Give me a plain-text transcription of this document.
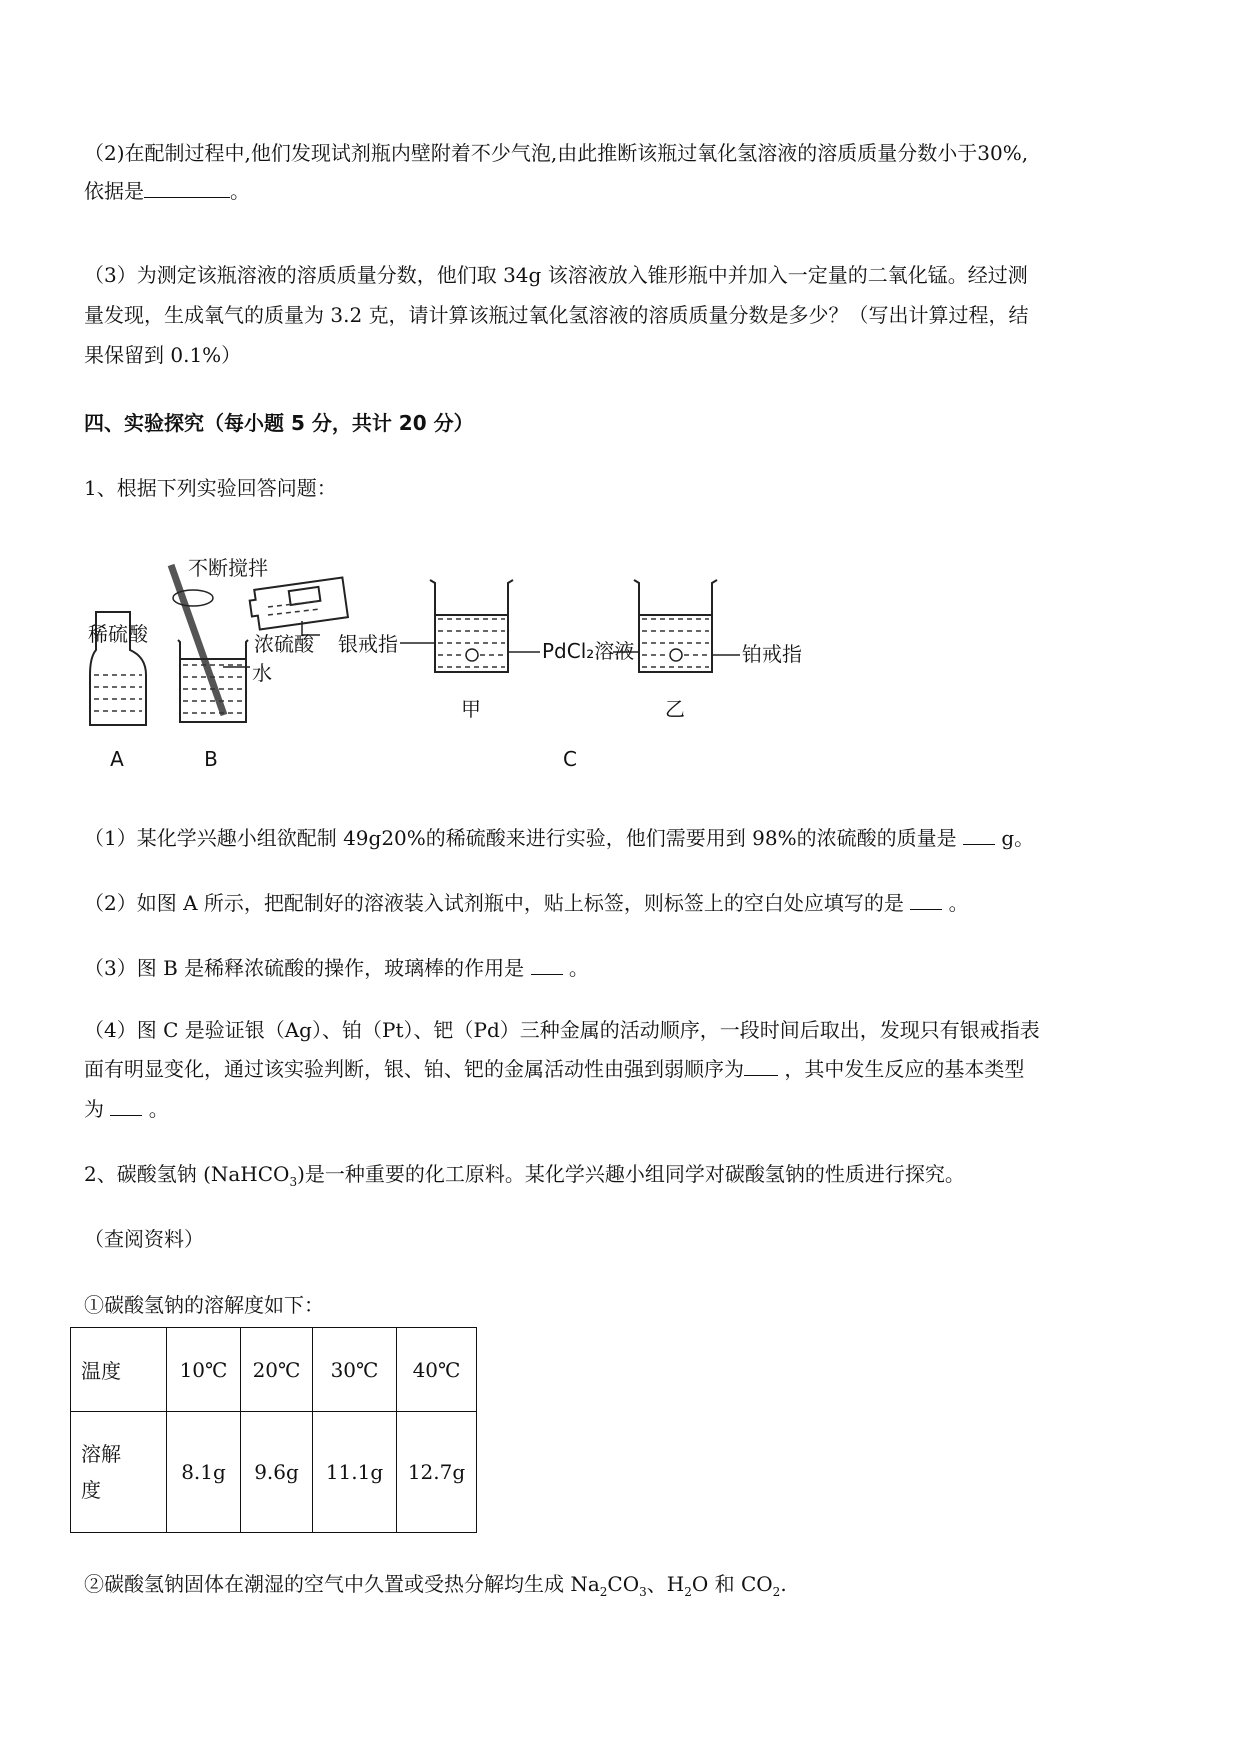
（2)在配制过程中,他们发现试剂瓶内壁附着不少气泡,由此推断该瓶过氧化氢溶液的溶质质量分数小于30%,
依据是	。
（3）为测定该瓶溶液的溶质质量分数，他们取 34g 该溶液放入锥形瓶中并加入一定量的二氧化锰。经过测
量发现，生成氧气的质量为 3.2 克，请计算该瓶过氧化氢溶液的溶质质量分数是多少？（写出计算过程，结
果保留到 0.1%）
四、实验探究（每小题 5 分，共计 20 分）
1、根据下列实验回答问题：
稀硫酸
不断搅拌
水
浓硫酸 银戒指	PdCl₂溶液	铂戒指
甲	乙
A	B	C
（1）某化学兴趣小组欲配制 49g20%的稀硫酸来进行实验，他们需要用到 98%的浓硫酸的质量是 g。
（2）如图 A 所示，把配制好的溶液装入试剂瓶中，贴上标签，则标签上的空白处应填写的是 。
（3）图 B 是稀释浓硫酸的操作，玻璃棒的作用是 。
（4）图 C 是验证银（Ag）、铂（Pt）、钯（Pd）三种金属的活动顺序，一段时间后取出，发现只有银戒指表
面有明显变化，通过该实验判断，银、铂、钯的金属活动性由强到弱顺序为 ，其中发生反应的基本类型
为 。
2、碳酸氢钠 (NaHCO$_3$)是一种重要的化工原料。某化学兴趣小组同学对碳酸氢钠的性质进行探究。
（查阅资料）
①碳酸氢钠的溶解度如下：
温度	10℃	20℃	30℃	40℃
溶解
度	8.1g	9.6g	11.1g	12.7g
②碳酸氢钠固体在潮湿的空气中久置或受热分解均生成 $Na_2CO_3$、$H_2O$ 和 $CO_2$.
